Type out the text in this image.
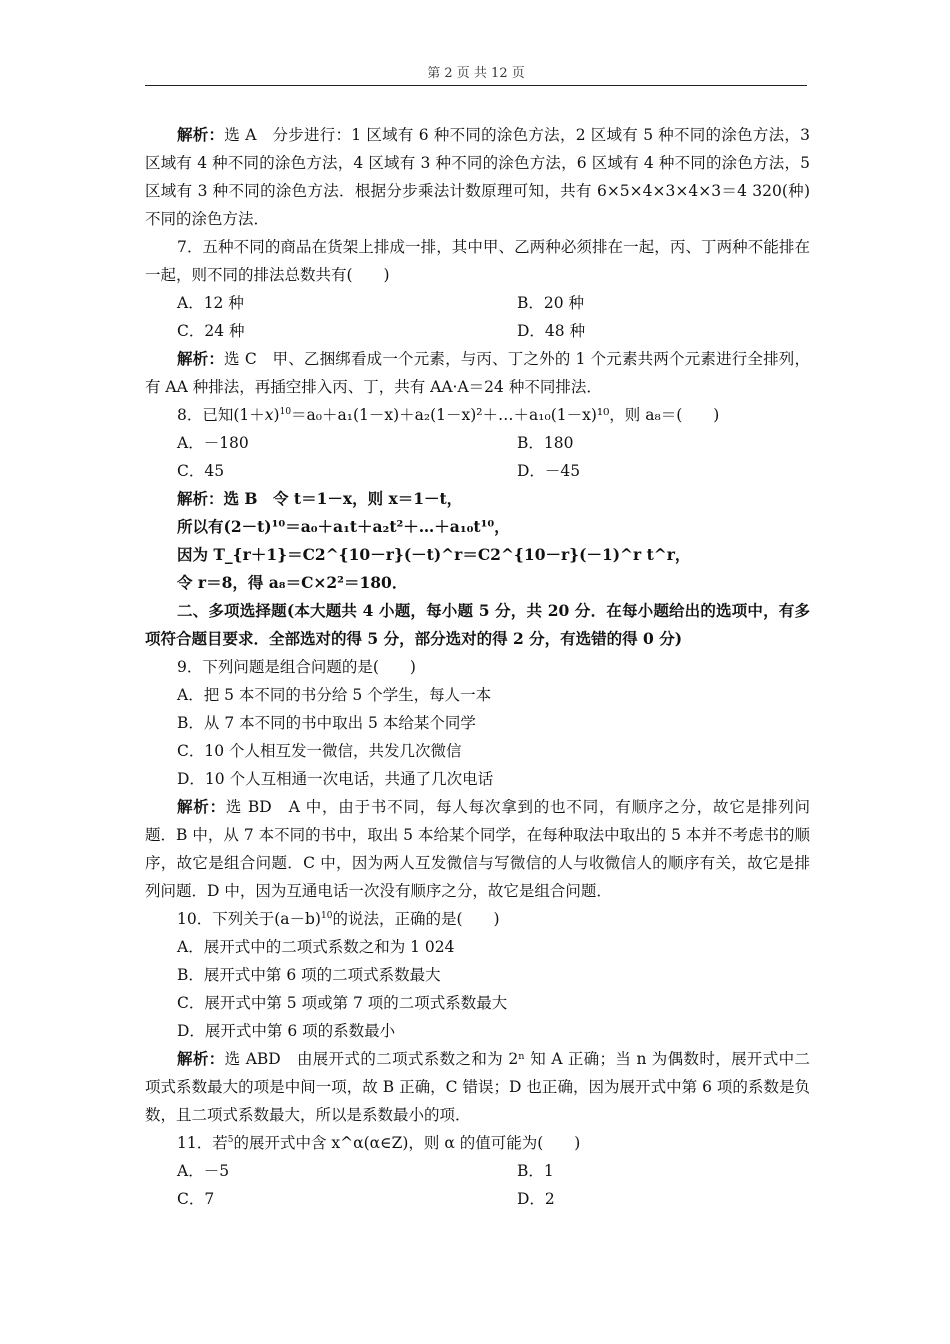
第 2 页 共 12 页
解析：选 A　分步进行：1 区域有 6 种不同的涂色方法，2 区域有 5 种不同的涂色方法，3 区域有 4 种不同的涂色方法，4 区域有 3 种不同的涂色方法，6 区域有 4 种不同的涂色方法，5 区域有 3 种不同的涂色方法．根据分步乘法计数原理可知，共有 6×5×4×3×4×3＝4 320(种)不同的涂色方法．
7．五种不同的商品在货架上排成一排，其中甲、乙两种必须排在一起，丙、丁两种不能排在一起，则不同的排法总数共有(　　)
A．12 种	B．20 种
C．24 种	D．48 种
解析：选 C　甲、乙捆绑看成一个元素，与丙、丁之外的 1 个元素共两个元素进行全排列，有 AA 种排法，再插空排入丙、丁，共有 AA·A＝24 种不同排法．
8．已知$(1+x)^{10}=a_0+a_1(1-x)+a_2(1-x)^2+\dots+a_{10}(1-x)^{10}$，则 a₈＝(　　)
A．－180	B．180
C．45	D．－45
解析：选 B　令 t＝1－x，则 x＝1－t，
所以有(2－t)¹⁰＝a₀＋a₁t＋a₂t²＋…＋a₁₀t¹⁰，
因为 T_{r＋1}＝C2^{10－r}(－t)^r＝C2^{10－r}(－1)^r t^r，
令 r＝8，得 a₈＝C×2²＝180．
二、多项选择题(本大题共 4 小题，每小题 5 分，共 20 分．在每小题给出的选项中，有多项符合题目要求．全部选对的得 5 分，部分选对的得 2 分，有选错的得 0 分)
9．下列问题是组合问题的是(　　)
A．把 5 本不同的书分给 5 个学生，每人一本
B．从 7 本不同的书中取出 5 本给某个同学
C．10 个人相互发一微信，共发几次微信
D．10 个人互相通一次电话，共通了几次电话
解析：选 BD　A 中，由于书不同，每人每次拿到的也不同，有顺序之分，故它是排列问题．B 中，从 7 本不同的书中，取出 5 本给某个同学，在每种取法中取出的 5 本并不考虑书的顺序，故它是组合问题．C 中，因为两人互发微信与写微信的人与收微信人的顺序有关，故它是排列问题．D 中，因为互通电话一次没有顺序之分，故它是组合问题．
10．下列关于$(a-b)^{10}$的说法，正确的是(　　)
A．展开式中的二项式系数之和为 1 024
B．展开式中第 6 项的二项式系数最大
C．展开式中第 5 项或第 7 项的二项式系数最大
D．展开式中第 6 项的系数最小
解析：选 ABD　由展开式的二项式系数之和为 2ⁿ 知 A 正确；当 n 为偶数时，展开式中二项式系数最大的项是中间一项，故 B 正确，C 错误；D 也正确，因为展开式中第 6 项的系数是负数，且二项式系数最大，所以是系数最小的项．
11．若$^5$的展开式中含 x^α(α∈Z)，则 α 的值可能为(　　)
A．－5	B．1
C．7	D．2
